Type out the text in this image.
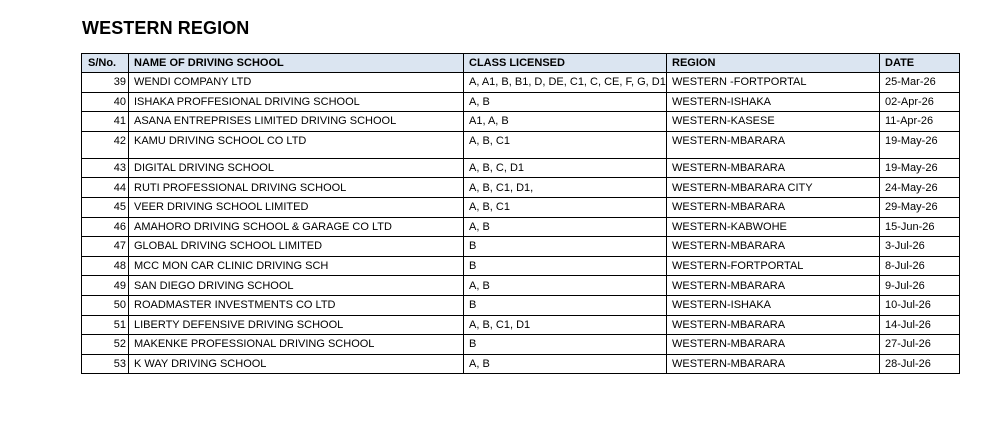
WESTERN REGION
S/No.	NAME OF DRIVING SCHOOL	CLASS LICENSED	REGION	DATE
39	WENDI COMPANY LTD	A, A1, B, B1, D, DE, C1, C, CE, F, G, D1	WESTERN -FORTPORTAL	25-Mar-26
40	ISHAKA PROFFESIONAL DRIVING SCHOOL	A, B	WESTERN-ISHAKA	02-Apr-26
41	ASANA ENTREPRISES LIMITED DRIVING SCHOOL	A1, A, B	WESTERN-KASESE	11-Apr-26
42	KAMU DRIVING SCHOOL CO LTD	A, B, C1	WESTERN-MBARARA	19-May-26
43	DIGITAL DRIVING SCHOOL	A, B, C, D1	WESTERN-MBARARA	19-May-26
44	RUTI PROFESSIONAL DRIVING SCHOOL	A, B, C1, D1,	WESTERN-MBARARA CITY	24-May-26
45	VEER DRIVING SCHOOL LIMITED	A, B, C1	WESTERN-MBARARA	29-May-26
46	AMAHORO DRIVING SCHOOL & GARAGE CO LTD	A, B	WESTERN-KABWOHE	15-Jun-26
47	GLOBAL DRIVING SCHOOL LIMITED	B	WESTERN-MBARARA	3-Jul-26
48	MCC MON CAR CLINIC DRIVING SCH	B	WESTERN-FORTPORTAL	8-Jul-26
49	SAN DIEGO DRIVING SCHOOL	A, B	WESTERN-MBARARA	9-Jul-26
50	ROADMASTER INVESTMENTS CO LTD	B	WESTERN-ISHAKA	10-Jul-26
51	LIBERTY DEFENSIVE DRIVING SCHOOL	A, B, C1, D1	WESTERN-MBARARA	14-Jul-26
52	MAKENKE PROFESSIONAL DRIVING SCHOOL	B	WESTERN-MBARARA	27-Jul-26
53	K WAY DRIVING SCHOOL	A, B	WESTERN-MBARARA	28-Jul-26
